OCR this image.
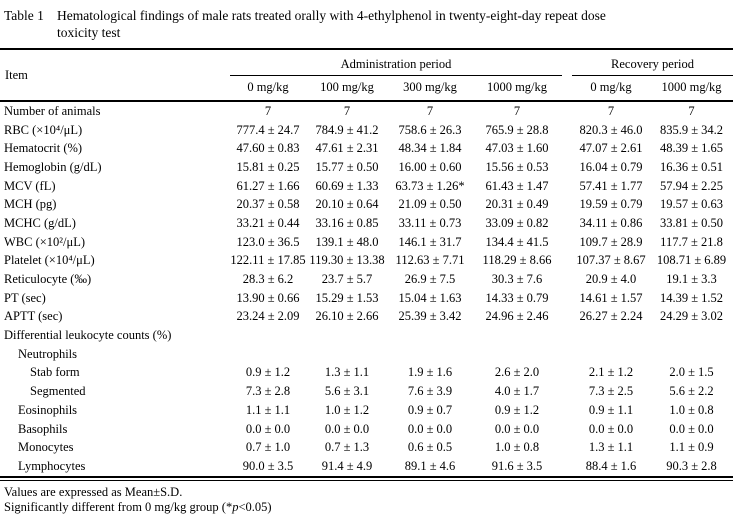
Table 1 Hematological findings of male rats treated orally with 4-ethylphenol in twenty-eight-day repeat dose
toxicity test
Item	Administration period					Recovery period	
	0 mg/kg	100 mg/kg	300 mg/kg	1000 mg/kg		0 mg/kg	1000 mg/kg
Number of animals	7	7	7	7		7	7
RBC (×10⁴/μL)	777.4 ± 24.7	784.9 ± 41.2	758.6 ± 26.3	765.9 ± 28.8		820.3 ± 46.0	835.9 ± 34.2
Hematocrit (%)	47.60 ± 0.83	47.61 ± 2.31	48.34 ± 1.84	47.03 ± 1.60		47.07 ± 2.61	48.39 ± 1.65
Hemoglobin (g/dL)	15.81 ± 0.25	15.77 ± 0.50	16.00 ± 0.60	15.56 ± 0.53		16.04 ± 0.79	16.36 ± 0.51
MCV (fL)	61.27 ± 1.66	60.69 ± 1.33	63.73 ± 1.26*	61.43 ± 1.47		57.41 ± 1.77	57.94 ± 2.25
MCH (pg)	20.37 ± 0.58	20.10 ± 0.64	21.09 ± 0.50	20.31 ± 0.49		19.59 ± 0.79	19.57 ± 0.63
MCHC (g/dL)	33.21 ± 0.44	33.16 ± 0.85	33.11 ± 0.73	33.09 ± 0.82		34.11 ± 0.86	33.81 ± 0.50
WBC (×10²/μL)	123.0 ± 36.5	139.1 ± 48.0	146.1 ± 31.7	134.4 ± 41.5		109.7 ± 28.9	117.7 ± 21.8
Platelet (×10⁴/μL)	122.11 ± 17.85	119.30 ± 13.38	112.63 ± 7.71	118.29 ± 8.66		107.37 ± 8.67	108.71 ± 6.89
Reticulocyte (‰)	28.3 ± 6.2	23.7 ± 5.7	26.9 ± 7.5	30.3 ± 7.6		20.9 ± 4.0	19.1 ± 3.3
PT (sec)	13.90 ± 0.66	15.29 ± 1.53	15.04 ± 1.63	14.33 ± 0.79		14.61 ± 1.57	14.39 ± 1.52
APTT (sec)	23.24 ± 2.09	26.10 ± 2.66	25.39 ± 3.42	24.96 ± 2.46		26.27 ± 2.24	24.29 ± 3.02
Differential leukocyte counts (%)							
Neutrophils							
Stab form	0.9 ± 1.2	1.3 ± 1.1	1.9 ± 1.6	2.6 ± 2.0		2.1 ± 1.2	2.0 ± 1.5
Segmented	7.3 ± 2.8	5.6 ± 3.1	7.6 ± 3.9	4.0 ± 1.7		7.3 ± 2.5	5.6 ± 2.2
Eosinophils	1.1 ± 1.1	1.0 ± 1.2	0.9 ± 0.7	0.9 ± 1.2		0.9 ± 1.1	1.0 ± 0.8
Basophils	0.0 ± 0.0	0.0 ± 0.0	0.0 ± 0.0	0.0 ± 0.0		0.0 ± 0.0	0.0 ± 0.0
Monocytes	0.7 ± 1.0	0.7 ± 1.3	0.6 ± 0.5	1.0 ± 0.8		1.3 ± 1.1	1.1 ± 0.9
Lymphocytes	90.0 ± 3.5	91.4 ± 4.9	89.1 ± 4.6	91.6 ± 3.5		88.4 ± 1.6	90.3 ± 2.8
Values are expressed as Mean±S.D.
Significantly different from 0 mg/kg group (*p<0.05)
